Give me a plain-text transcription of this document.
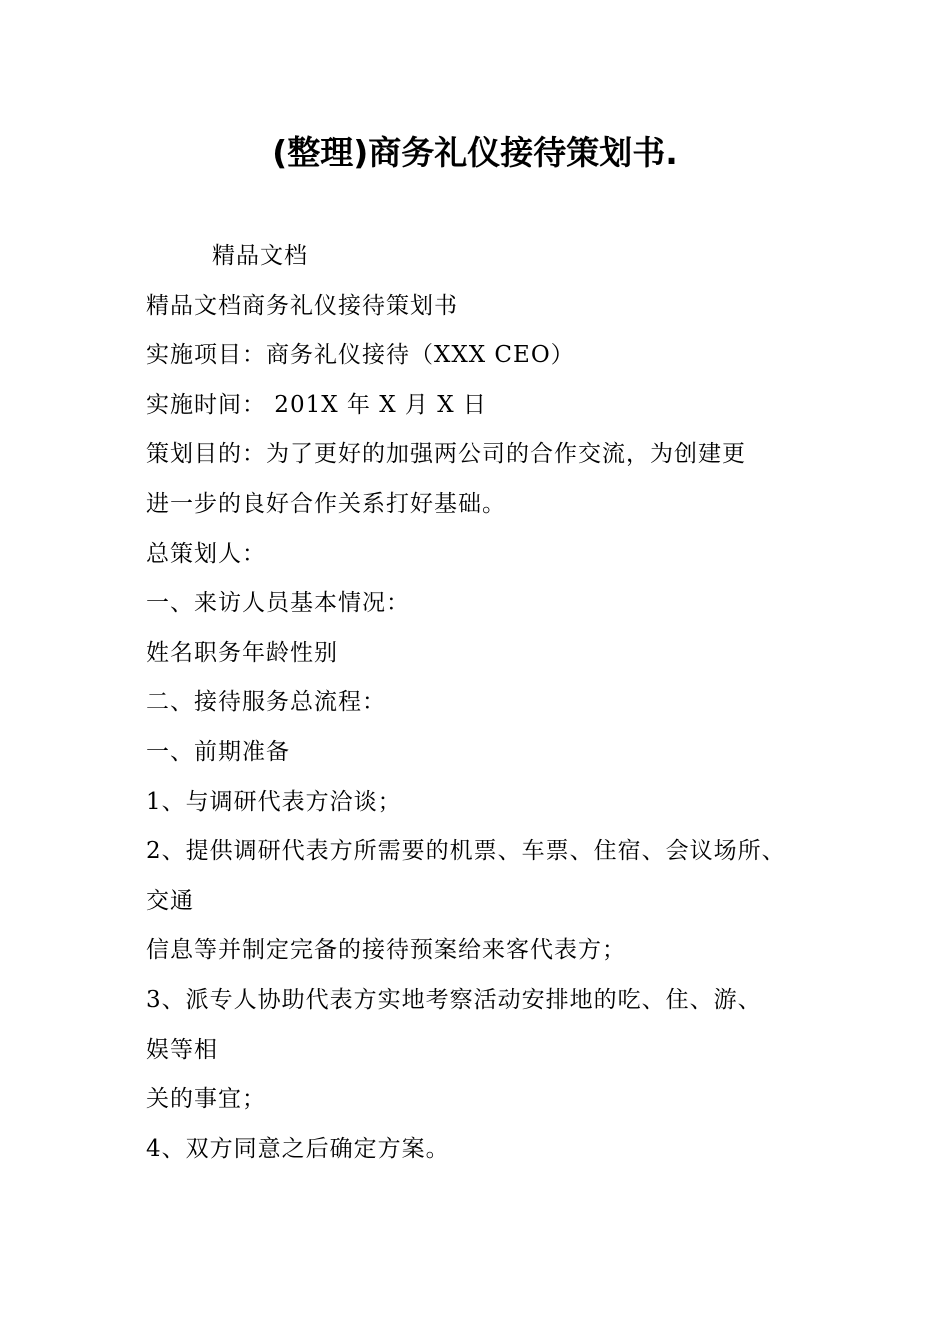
(整理)商务礼仪接待策划书.
精品文档
精品文档商务礼仪接待策划书
实施项目：商务礼仪接待（XXX CEO）
实施时间： 201X 年 X 月 X 日
策划目的：为了更好的加强两公司的合作交流，为创建更
进一步的良好合作关系打好基础。
总策划人：
一、来访人员基本情况：
姓名职务年龄性别
二、接待服务总流程：
一、前期准备
1、与调研代表方洽谈；
2、提供调研代表方所需要的机票、车票、住宿、会议场所、
交通
信息等并制定完备的接待预案给来客代表方；
3、派专人协助代表方实地考察活动安排地的吃、住、游、
娱等相
关的事宜；
4、双方同意之后确定方案。
